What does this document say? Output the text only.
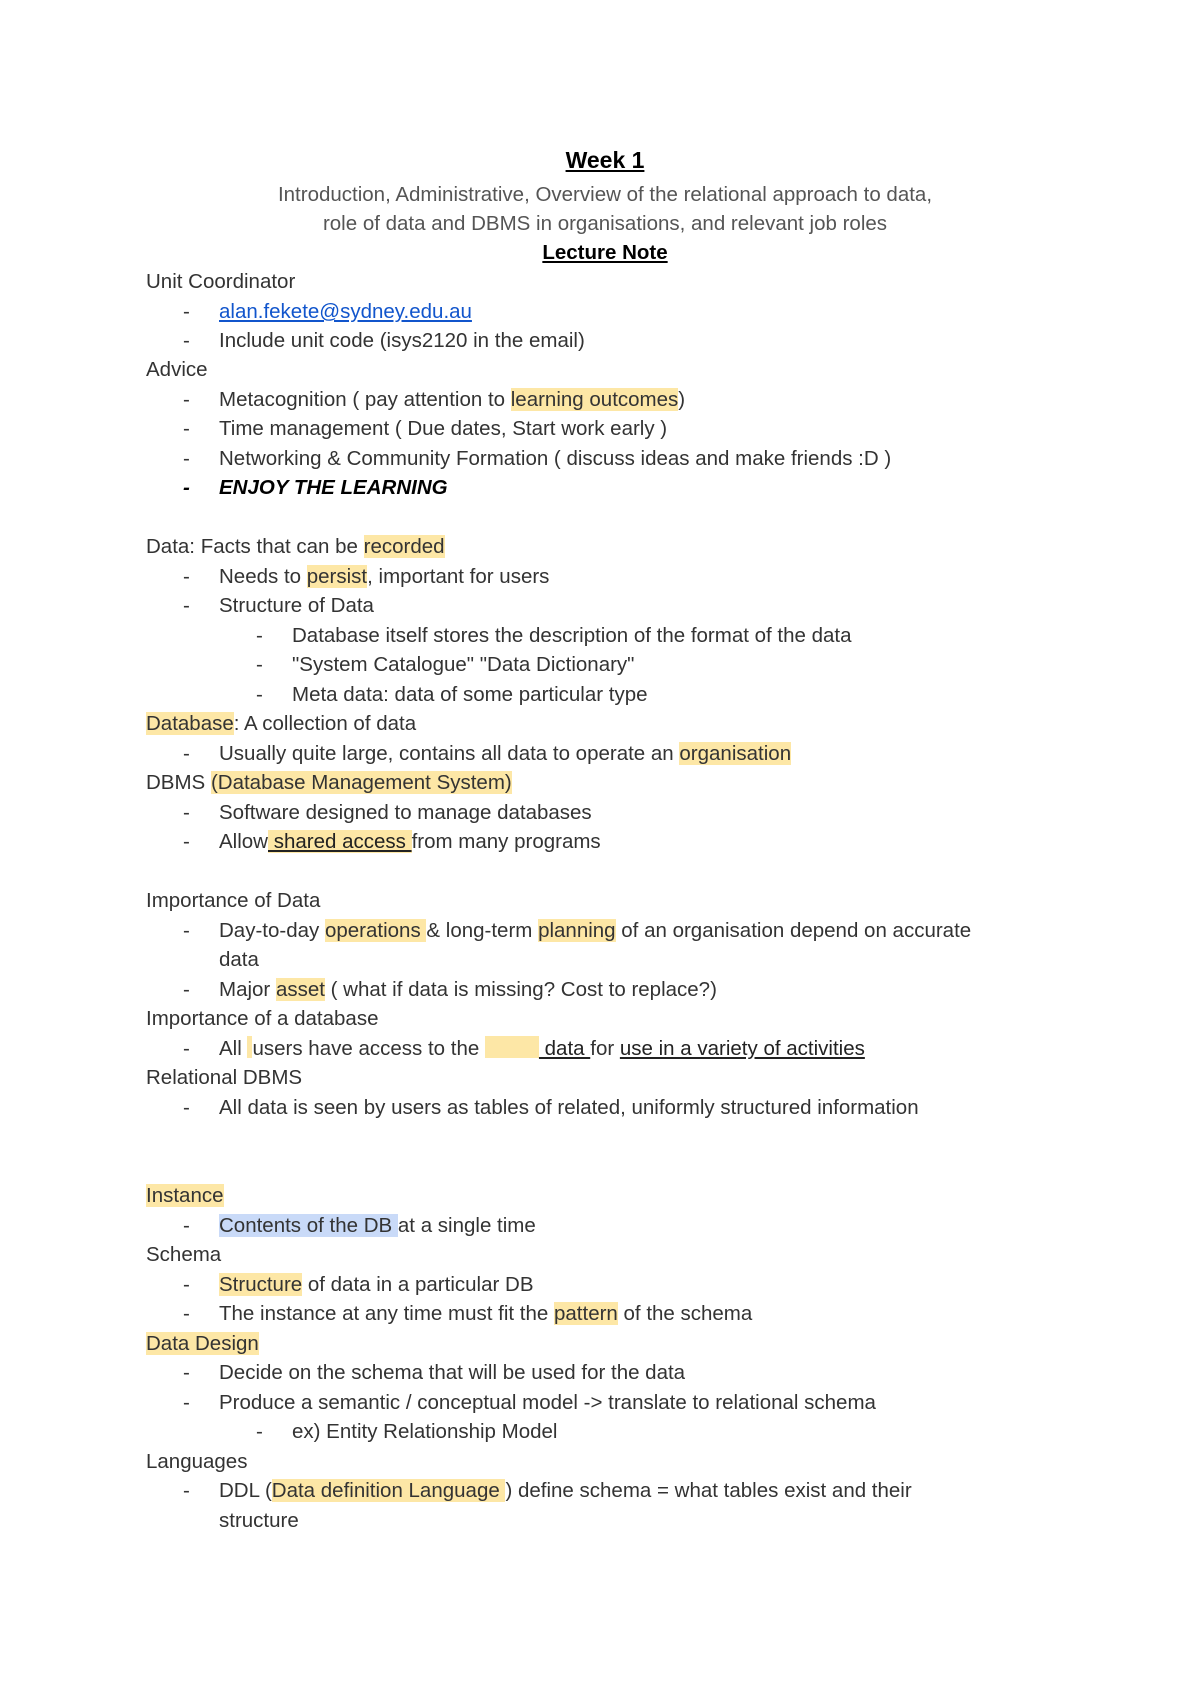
Week 1
Introduction, Administrative, Overview of the relational approach to data,
role of data and DBMS in organisations, and relevant job roles
Lecture Note
Unit Coordinator
- alan.fekete@sydney.edu.au
- Include unit code (isys2120 in the email)
Advice
- Metacognition ( pay attention to learning outcomes)
- Time management ( Due dates, Start work early )
- Networking & Community Formation ( discuss ideas and make friends :D )
- ENJOY THE LEARNING
Data: Facts that can be recorded
- Needs to persist, important for users
- Structure of Data
- Database itself stores the description of the format of the data
- "System Catalogue" "Data Dictionary"
- Meta data: data of some particular type
Database: A collection of data
- Usually quite large, contains all data to operate an organisation
DBMS (Database Management System)
- Software designed to manage databases
- Allow shared access from many programs
Importance of Data
- Day-to-day operations & long-term planning of an organisation depend on accurate
data
- Major asset ( what if data is missing? Cost to replace?)
Importance of a database
- All users have access to the	data for use in a variety of activities
Relational DBMS
- All data is seen by users as tables of related, uniformly structured information
Instance
- Contents of the DB at a single time
Schema
- Structure of data in a particular DB
- The instance at any time must fit the pattern of the schema
Data Design
- Decide on the schema that will be used for the data
- Produce a semantic / conceptual model -> translate to relational schema
- ex) Entity Relationship Model
Languages
- DDL (Data definition Language ) define schema = what tables exist and their
structure
